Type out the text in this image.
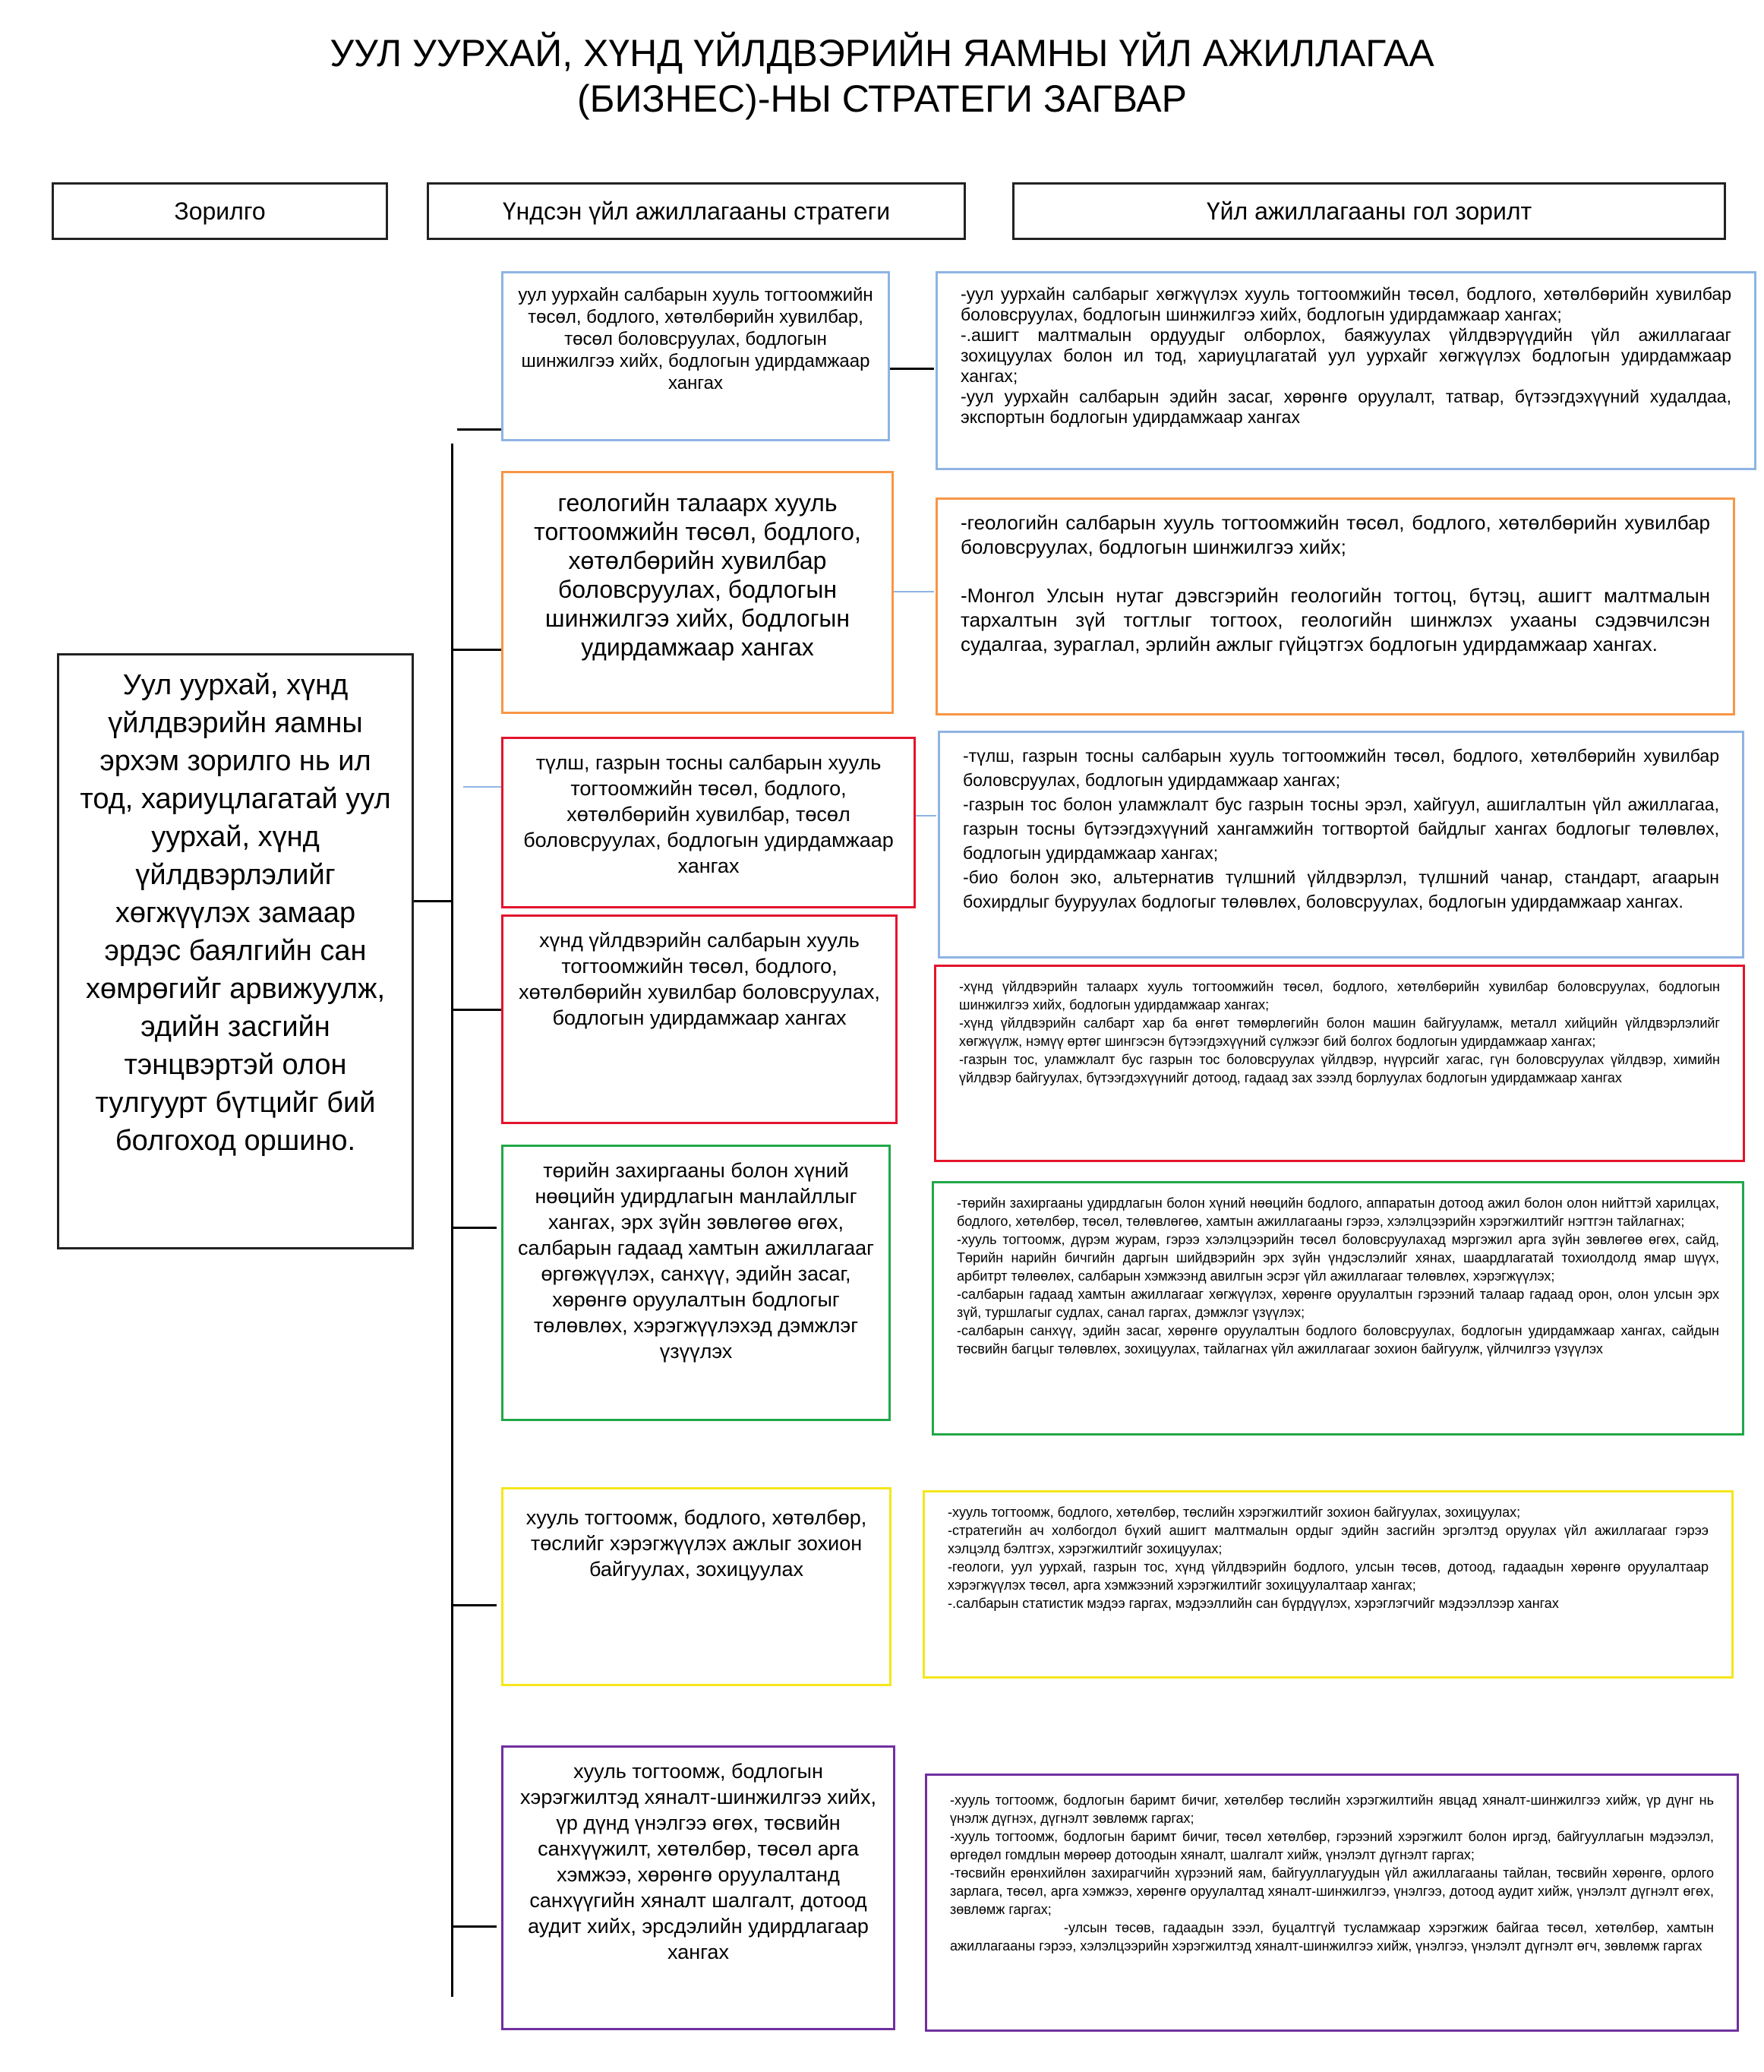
УУЛ УУРХАЙ, ХҮНД ҮЙЛДВЭРИЙН ЯАМНЫ ҮЙЛ АЖИЛЛАГАА
(БИЗНЕС)-НЫ СТРАТЕГИ ЗАГВАР
Зорилго	Үндсэн үйл ажиллагааны стратеги	Үйл ажиллагааны гол зорилт
Уул уурхай, хүнд үйлдвэрийн яамны эрхэм зорилго нь ил тод, хариуцлагатай уул уурхай, хүнд үйлдвэрлэлийг хөгжүүлэх замаар эрдэс баялгийн сан хөмрөгийг арвижуулж, эдийн засгийн тэнцвэртэй олон тулгуурт бүтцийг бий болгоход оршино.
уул уурхайн салбарын хууль тогтоомжийн төсөл, бодлого, хөтөлбөрийн хувилбар, төсөл боловсруулах, бодлогын шинжилгээ хийх, бодлогын удирдамжаар хангах
геологийн талаарх хууль тогтоомжийн төсөл, бодлого, хөтөлбөрийн хувилбар боловсруулах, бодлогын шинжилгээ хийх, бодлогын удирдамжаар хангах
түлш, газрын тосны салбарын хууль тогтоомжийн төсөл, бодлого, хөтөлбөрийн хувилбар, төсөл боловсруулах, бодлогын удирдамжаар хангах
хүнд үйлдвэрийн салбарын хууль тогтоомжийн төсөл, бодлого, хөтөлбөрийн хувилбар боловсруулах, бодлогын удирдамжаар хангах
төрийн захиргааны болон хүний нөөцийн удирдлагын манлайллыг хангах, эрх зүйн зөвлөгөө өгөх, салбарын гадаад хамтын ажиллагааг өргөжүүлэх, санхүү, эдийн засаг, хөрөнгө оруулалтын бодлогыг төлөвлөх, хэрэгжүүлэхэд дэмжлэг үзүүлэх
хууль тогтоомж, бодлого, хөтөлбөр, төслийг хэрэгжүүлэх ажлыг зохион байгуулах, зохицуулах
хууль тогтоомж, бодлогын хэрэгжилтэд хяналт-шинжилгээ хийх, үр дүнд үнэлгээ өгөх, төсвийн санхүүжилт, хөтөлбөр, төсөл арга хэмжээ, хөрөнгө оруулалтанд санхүүгийн хяналт шалгалт, дотоод аудит хийх, эрсдэлийн удирдлагаар хангах
-уул уурхайн салбарыг хөгжүүлэх хууль тогтоомжийн төсөл, бодлого, хөтөлбөрийн хувилбар боловсруулах, бодлогын шинжилгээ хийх, бодлогын удирдамжаар хангах;
-.ашигт малтмалын ордуудыг олборлох, баяжуулах үйлдвэрүүдийн үйл ажиллагааг зохицуулах болон ил тод, хариуцлагатай уул уурхайг хөгжүүлэх бодлогын удирдамжаар хангах;
-уул уурхайн салбарын эдийн засаг, хөрөнгө оруулалт, татвар, бүтээгдэхүүний худалдаа, экспортын бодлогын удирдамжаар хангах
-геологийн салбарын хууль тогтоомжийн төсөл, бодлого, хөтөлбөрийн хувилбар боловсруулах, бодлогын шинжилгээ хийх;
-Монгол Улсын нутаг дэвсгэрийн геологийн тогтоц, бүтэц, ашигт малтмалын тархалтын зүй тогтлыг тогтоох, геологийн шинжлэх ухааны сэдэвчилсэн судалгаа, зураглал, эрлийн ажлыг гүйцэтгэх бодлогын удирдамжаар хангах.
-түлш, газрын тосны салбарын хууль тогтоомжийн төсөл, бодлого, хөтөлбөрийн хувилбар боловсруулах, бодлогын удирдамжаар хангах;
-газрын тос болон уламжлалт бус газрын тосны эрэл, хайгуул, ашиглалтын үйл ажиллагаа, газрын тосны бүтээгдэхүүний хангамжийн тогтвортой байдлыг хангах бодлогыг төлөвлөх, бодлогын удирдамжаар хангах;
-био болон эко, альтернатив түлшний үйлдвэрлэл, түлшний чанар, стандарт, агаарын бохирдлыг бууруулах бодлогыг төлөвлөх, боловсруулах, бодлогын удирдамжаар хангах.
-хүнд үйлдвэрийн талаарх хууль тогтоомжийн төсөл, бодлого, хөтөлбөрийн хувилбар боловсруулах, бодлогын шинжилгээ хийх, бодлогын удирдамжаар хангах;
-хүнд үйлдвэрийн салбарт хар ба өнгөт төмөрлөгийн болон машин байгууламж, металл хийцийн үйлдвэрлэлийг хөгжүүлж, нэмүү өртөг шингэсэн бүтээгдэхүүний сүлжээг бий болгох бодлогын удирдамжаар хангах;
-газрын тос, уламжлалт бус газрын тос боловсруулах үйлдвэр, нүүрсийг хагас, гүн боловсруулах үйлдвэр, химийн үйлдвэр байгуулах, бүтээгдэхүүнийг дотоод, гадаад зах зээлд борлуулах бодлогын удирдамжаар хангах
-төрийн захиргааны удирдлагын болон хүний нөөцийн бодлого, аппаратын дотоод ажил болон олон нийттэй харилцах, бодлого, хөтөлбөр, төсөл, төлөвлөгөө, хамтын ажиллагааны гэрээ, хэлэлцээрийн хэрэгжилтийг нэгтгэн тайлагнах;
-хууль тогтоомж, дүрэм журам, гэрээ хэлэлцээрийн төсөл боловсруулахад мэргэжил арга зүйн зөвлөгөө өгөх, сайд, Төрийн нарийн бичгийн даргын шийдвэрийн эрх зүйн үндэслэлийг хянах, шаардлагатай тохиолдолд ямар шүүх, арбитрт төлөөлөх, салбарын хэмжээнд авилгын эсрэг үйл ажиллагааг төлөвлөх, хэрэгжүүлэх;
-салбарын гадаад хамтын ажиллагааг хөгжүүлэх, хөрөнгө оруулалтын гэрээний талаар гадаад орон, олон улсын эрх зүй, туршлагыг судлах, санал гаргах, дэмжлэг үзүүлэх;
-салбарын санхүү, эдийн засаг, хөрөнгө оруулалтын бодлого боловсруулах, бодлогын удирдамжаар хангах, сайдын төсвийн багцыг төлөвлөх, зохицуулах, тайлагнах үйл ажиллагааг зохион байгуулж, үйлчилгээ үзүүлэх
-хууль тогтоомж, бодлого, хөтөлбөр, төслийн хэрэгжилтийг зохион байгуулах, зохицуулах;
-стратегийн ач холбогдол бүхий ашигт малтмалын ордыг эдийн засгийн эргэлтэд оруулах үйл ажиллагааг гэрээ хэлцэлд бэлтгэх, хэрэгжилтийг зохицуулах;
-геологи, уул уурхай, газрын тос, хүнд үйлдвэрийн бодлого, улсын төсөв, дотоод, гадаадын хөрөнгө оруулалтаар хэрэгжүүлэх төсөл, арга хэмжээний хэрэгжилтийг зохицуулалтаар хангах;
-.салбарын статистик мэдээ гаргах, мэдээллийн сан бүрдүүлэх, хэрэглэгчийг мэдээллээр хангах
-хууль тогтоомж, бодлогын баримт бичиг, хөтөлбөр төслийн хэрэгжилтийн явцад хяналт-шинжилгээ хийж, үр дүнг нь үнэлж дүгнэх, дүгнэлт зөвлөмж гаргах;
-хууль тогтоомж, бодлогын баримт бичиг, төсөл хөтөлбөр, гэрээний хэрэгжилт болон иргэд, байгууллагын мэдээлэл, өргөдөл гомдлын мөрөөр дотоодын хяналт, шалгалт хийж, үнэлэлт дүгнэлт гаргах;
-төсвийн ерөнхийлөн захирагчийн хүрээний яам, байгууллагуудын үйл ажиллагааны тайлан, төсвийн хөрөнгө, орлого зарлага, төсөл, арга хэмжээ, хөрөнгө оруулалтад хяналт-шинжилгээ, үнэлгээ, дотоод аудит хийж, үнэлэлт дүгнэлт өгөх, зөвлөмж гаргах;
-улсын төсөв, гадаадын зээл, буцалтгүй тусламжаар хэрэгжиж байгаа төсөл, хөтөлбөр, хамтын ажиллагааны гэрээ, хэлэлцээрийн хэрэгжилтэд хяналт-шинжилгээ хийж, үнэлгээ, үнэлэлт дүгнэлт өгч, зөвлөмж гаргах
